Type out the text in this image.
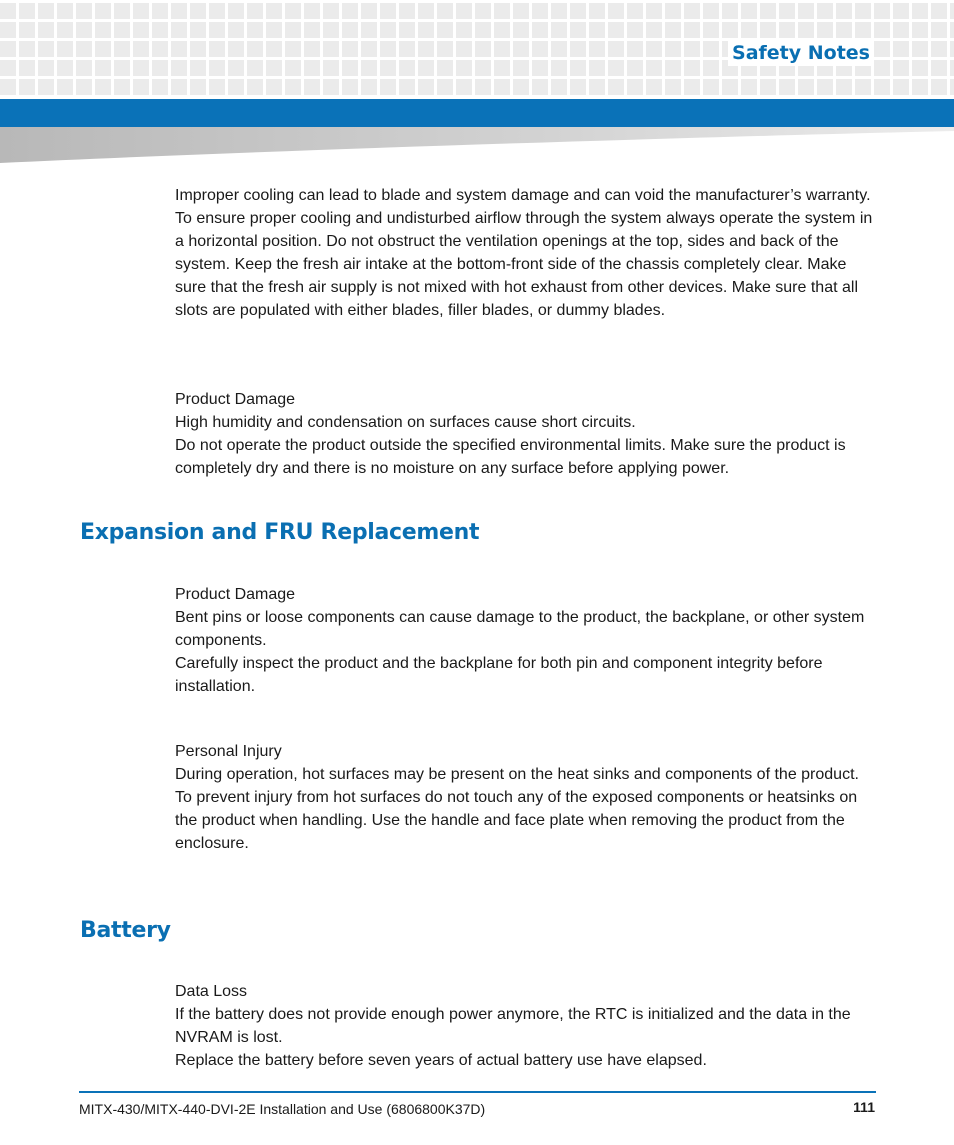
Safety Notes

Improper cooling can lead to blade and system damage and can void the manufacturer’s warranty.

To ensure proper cooling and undisturbed airflow through the system always operate the system in a horizontal position. Do not obstruct the ventilation openings at the top, sides and back of the system. Keep the fresh air intake at the bottom-front side of the chassis completely clear. Make sure that the fresh air supply is not mixed with hot exhaust from other devices. Make sure that all slots are populated with either blades, filler blades, or dummy blades.

Product Damage

High humidity and condensation on surfaces cause short circuits.

Do not operate the product outside the specified environmental limits. Make sure the product is completely dry and there is no moisture on any surface before applying power.

Expansion and FRU Replacement

Product Damage

Bent pins or loose components can cause damage to the product, the backplane, or other system components.

Carefully inspect the product and the backplane for both pin and component integrity before installation.

Personal Injury

During operation, hot surfaces may be present on the heat sinks and components of the product.

To prevent injury from hot surfaces do not touch any of the exposed components or heatsinks on the product when handling. Use the handle and face plate when removing the product from the enclosure.

Battery

Data Loss

If the battery does not provide enough power anymore, the RTC is initialized and the data in the NVRAM is lost.

Replace the battery before seven years of actual battery use have elapsed.

MITX-430/MITX-440-DVI-2E Installation and Use (6806800K37D)	111
